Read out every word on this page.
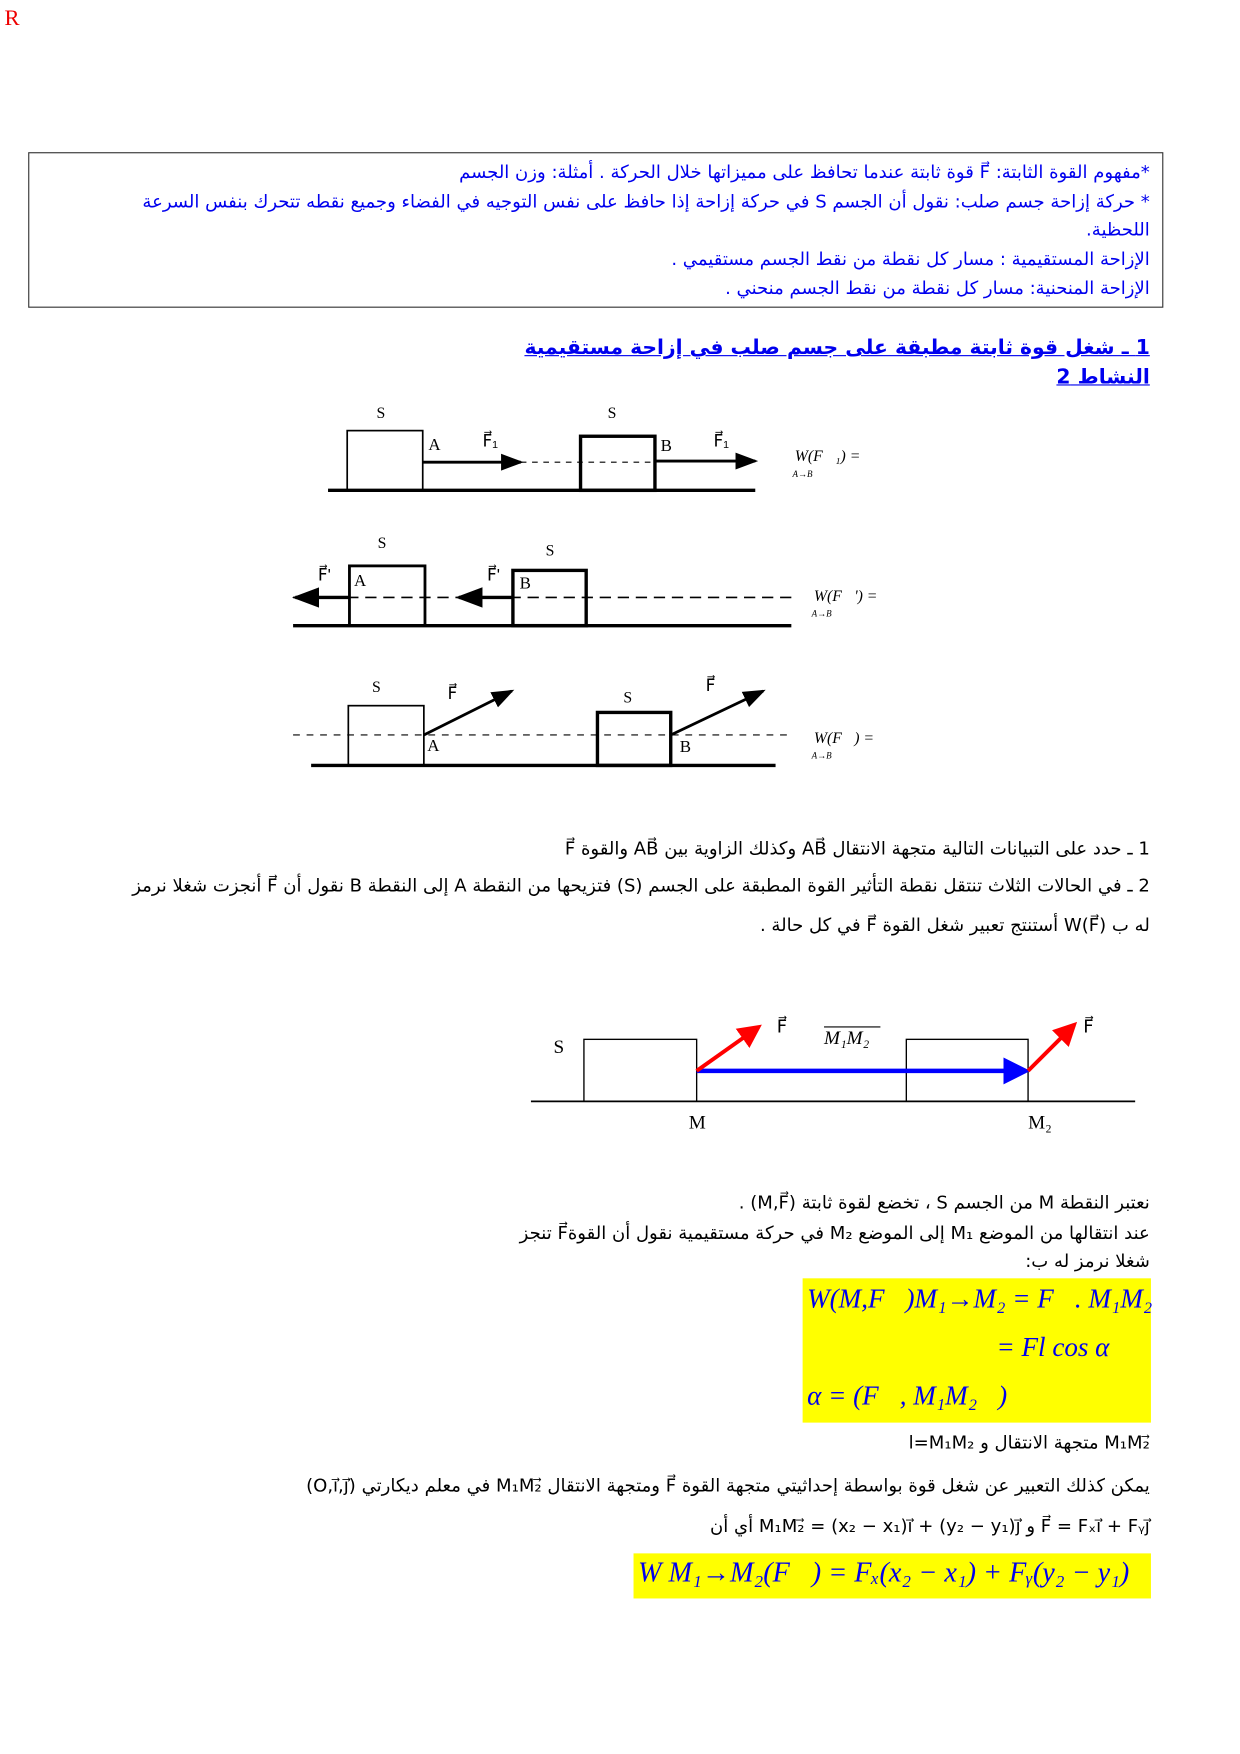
R
*مفهوم القوة الثابتة: F⃗ قوة ثابتة عندما تحافظ على مميزاتها خلال الحركة . أمثلة: وزن الجسم
* حركة إزاحة جسم صلب: نقول أن الجسم S في حركة إزاحة إذا حافظ على نفس التوجيه في الفضاء وجميع نقطه تتحرك بنفس السرعة
اللحظية.
الإزاحة المستقيمية : مسار كل نقطة من نقط الجسم مستقيمي .
الإزاحة المنحنية: مسار كل نقطة من نقط الجسم منحني .
1 ـ شغل قوة ثابتة مطبقة على جسم صلب في إزاحة مستقيمية
النشاط 2
S	S
A	B
F⃗₁	F⃗₁
W(F⃗₁) =
A→B
S	S
A	B
F⃗'	F⃗'
W(F⃗') =
A→B
S
S
A	B
F⃗	F⃗
W(F⃗) =
A→B
1 ـ حدد على التبيانات التالية متجهة الانتقال AB⃗ وكذلك الزاوية بين AB⃗ والقوة F⃗
2 ـ في الحالات الثلاث تنتقل نقطة التأثير القوة المطبقة على الجسم (S) فتزيحها من النقطة A إلى النقطة B نقول أن F⃗ أنجزت شغلا نرمز
له ب W(F⃗) أستنتج تعبير شغل القوة F⃗ في كل حالة .
S
M	M₂
F⃗	F⃗
M₁M₂
نعتبر النقطة M من الجسم S ، تخضع لقوة ثابتة (M,F⃗) .
عند انتقالها من الموضع M₁ إلى الموضع M₂ في حركة مستقيمية نقول أن القوةF⃗ تنجز
شغلا نرمز له ب:
W(M,F⃗)M₁→M₂ = F⃗. M₁M₂⃗
= Fl cos α
α = (F⃗, M₁M₂⃗)
M₁M₂⃗ متجهة الانتقال و l=M₁M₂
يمكن كذلك التعبير عن شغل قوة بواسطة إحداثيتي متجهة القوة F⃗ ومتجهة الانتقال M₁M₂⃗ في معلم ديكارتي (O,i⃗,j⃗)
F⃗ = Fₓi⃗ + Fᵧj⃗ و M₁M₂⃗ = (x₂ − x₁)i⃗ + (y₂ − y₁)j⃗ أي أن
W M₁→M₂(F⃗) = Fₓ(x₂ − x₁) + Fᵧ(y₂ − y₁)
